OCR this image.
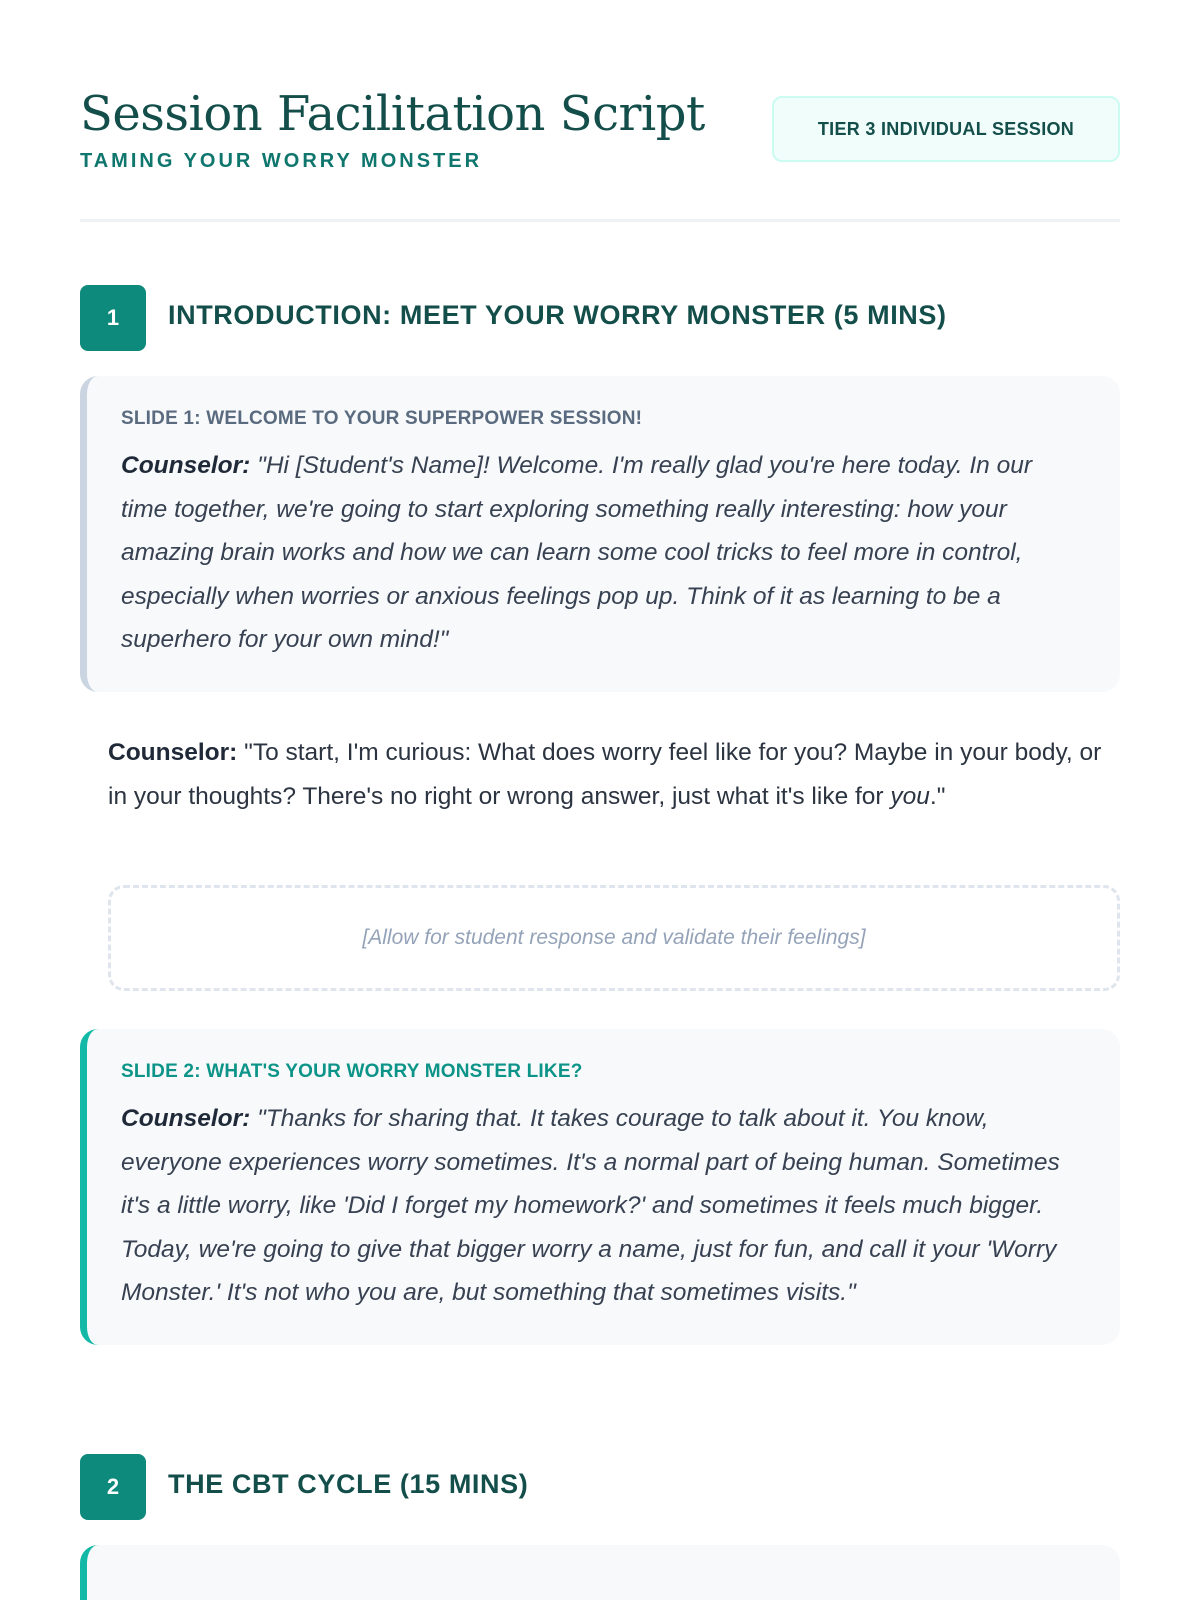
Session Facilitation Script
TAMING YOUR WORRY MONSTER
TIER 3 INDIVIDUAL SESSION
1	INTRODUCTION: MEET YOUR WORRY MONSTER (5 MINS)
SLIDE 1: WELCOME TO YOUR SUPERPOWER SESSION!

Counselor: "Hi [Student's Name]! Welcome. I'm really glad you're here today. In our time together, we're going to start exploring something really interesting: how your amazing brain works and how we can learn some cool tricks to feel more in control, especially when worries or anxious feelings pop up. Think of it as learning to be a superhero for your own mind!"

Counselor: "To start, I'm curious: What does worry feel like for you? Maybe in your body, or in your thoughts? There's no right or wrong answer, just what it's like for you."

[Allow for student response and validate their feelings]
SLIDE 2: WHAT'S YOUR WORRY MONSTER LIKE?

Counselor: "Thanks for sharing that. It takes courage to talk about it. You know, everyone experiences worry sometimes. It's a normal part of being human. Sometimes it's a little worry, like 'Did I forget my homework?' and sometimes it feels much bigger. Today, we're going to give that bigger worry a name, just for fun, and call it your 'Worry Monster.' It's not who you are, but something that sometimes visits."

2	THE CBT CYCLE (15 MINS)
